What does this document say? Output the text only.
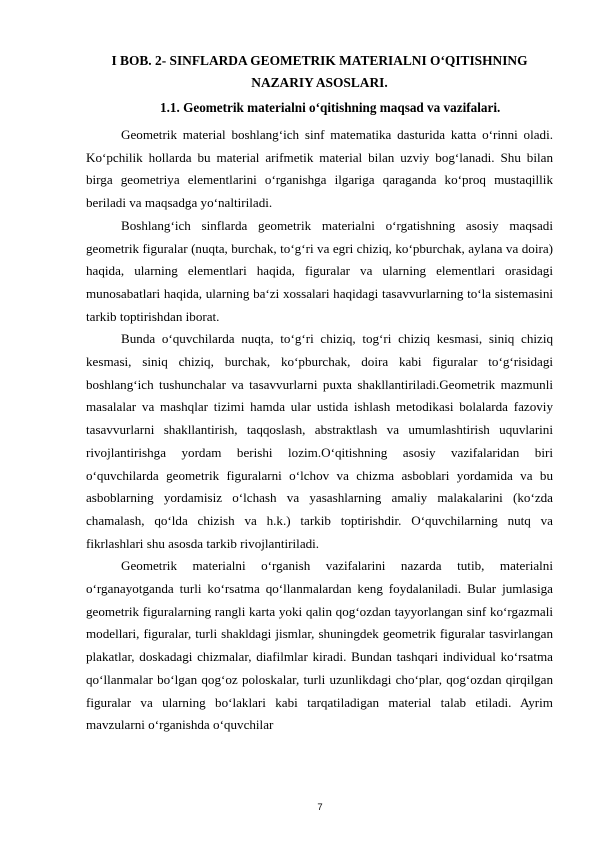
I BOB. 2- SINFLARDA GEOMETRIK MATERIALNI O‘QITISHNING NAZARIY ASOSLARI.
1.1. Geometrik materialni o‘qitishning maqsad va vazifalari.

Geometrik material boshlang‘ich sinf matematika dasturida katta o‘rinni oladi. Ko‘pchilik hollarda bu material arifmetik material bilan uzviy bog‘lanadi. Shu bilan birga geometriya elementlarini o‘rganishga ilgariga qaraganda ko‘proq mustaqillik beriladi va maqsadga yo‘naltiriladi.

Boshlang‘ich sinflarda geometrik materialni o‘rgatishning asosiy maqsadi geometrik figuralar (nuqta, burchak, to‘g‘ri va egri chiziq, ko‘pburchak, aylana va doira) haqida, ularning elementlari haqida, figuralar va ularning elementlari orasidagi munosabatlari haqida, ularning ba‘zi xossalari haqidagi tasavvurlarning to‘la sistemasini tarkib toptirishdan iborat.

Bunda o‘quvchilarda nuqta, to‘g‘ri chiziq, tog‘ri chiziq kesmasi, siniq chiziq kesmasi, siniq chiziq, burchak, ko‘pburchak, doira kabi figuralar to‘g‘risidagi boshlang‘ich tushunchalar va tasavvurlarni puxta shakllantiriladi.Geometrik mazmunli masalalar va mashqlar tizimi hamda ular ustida ishlash metodikasi bolalarda fazoviy tasavvurlarni shakllantirish, taqqoslash, abstraktlash va umumlashtirish uquvlarini rivojlantirishga yordam berishi lozim.O‘qitishning asosiy vazifalaridan biri o‘quvchilarda geometrik figuralarni o‘lchov va chizma asboblari yordamida va bu asboblarning yordamisiz o‘lchash va yasashlarning amaliy malakalarini (ko‘zda chamalash, qo‘lda chizish va h.k.) tarkib toptirishdir. O‘quvchilarning nutq va fikrlashlari shu asosda tarkib rivojlantiriladi.

Geometrik materialni o‘rganish vazifalarini nazarda tutib, materialni o‘rganayotganda turli ko‘rsatma qo‘llanmalardan keng foydalaniladi. Bular jumlasiga geometrik figuralarning rangli karta yoki qalin qog‘ozdan tayyorlangan sinf ko‘rgazmali modellari, figuralar, turli shakldagi jismlar, shuningdek geometrik figuralar tasvirlangan plakatlar, doskadagi chizmalar, diafilmlar kiradi. Bundan tashqari individual ko‘rsatma qo‘llanmalar bo‘lgan qog‘oz poloskalar, turli uzunlikdagi cho‘plar, qog‘ozdan qirqilgan figuralar va ularning bo‘laklari kabi tarqatiladigan material talab etiladi. Ayrim mavzularni o‘rganishda o‘quvchilar

7
